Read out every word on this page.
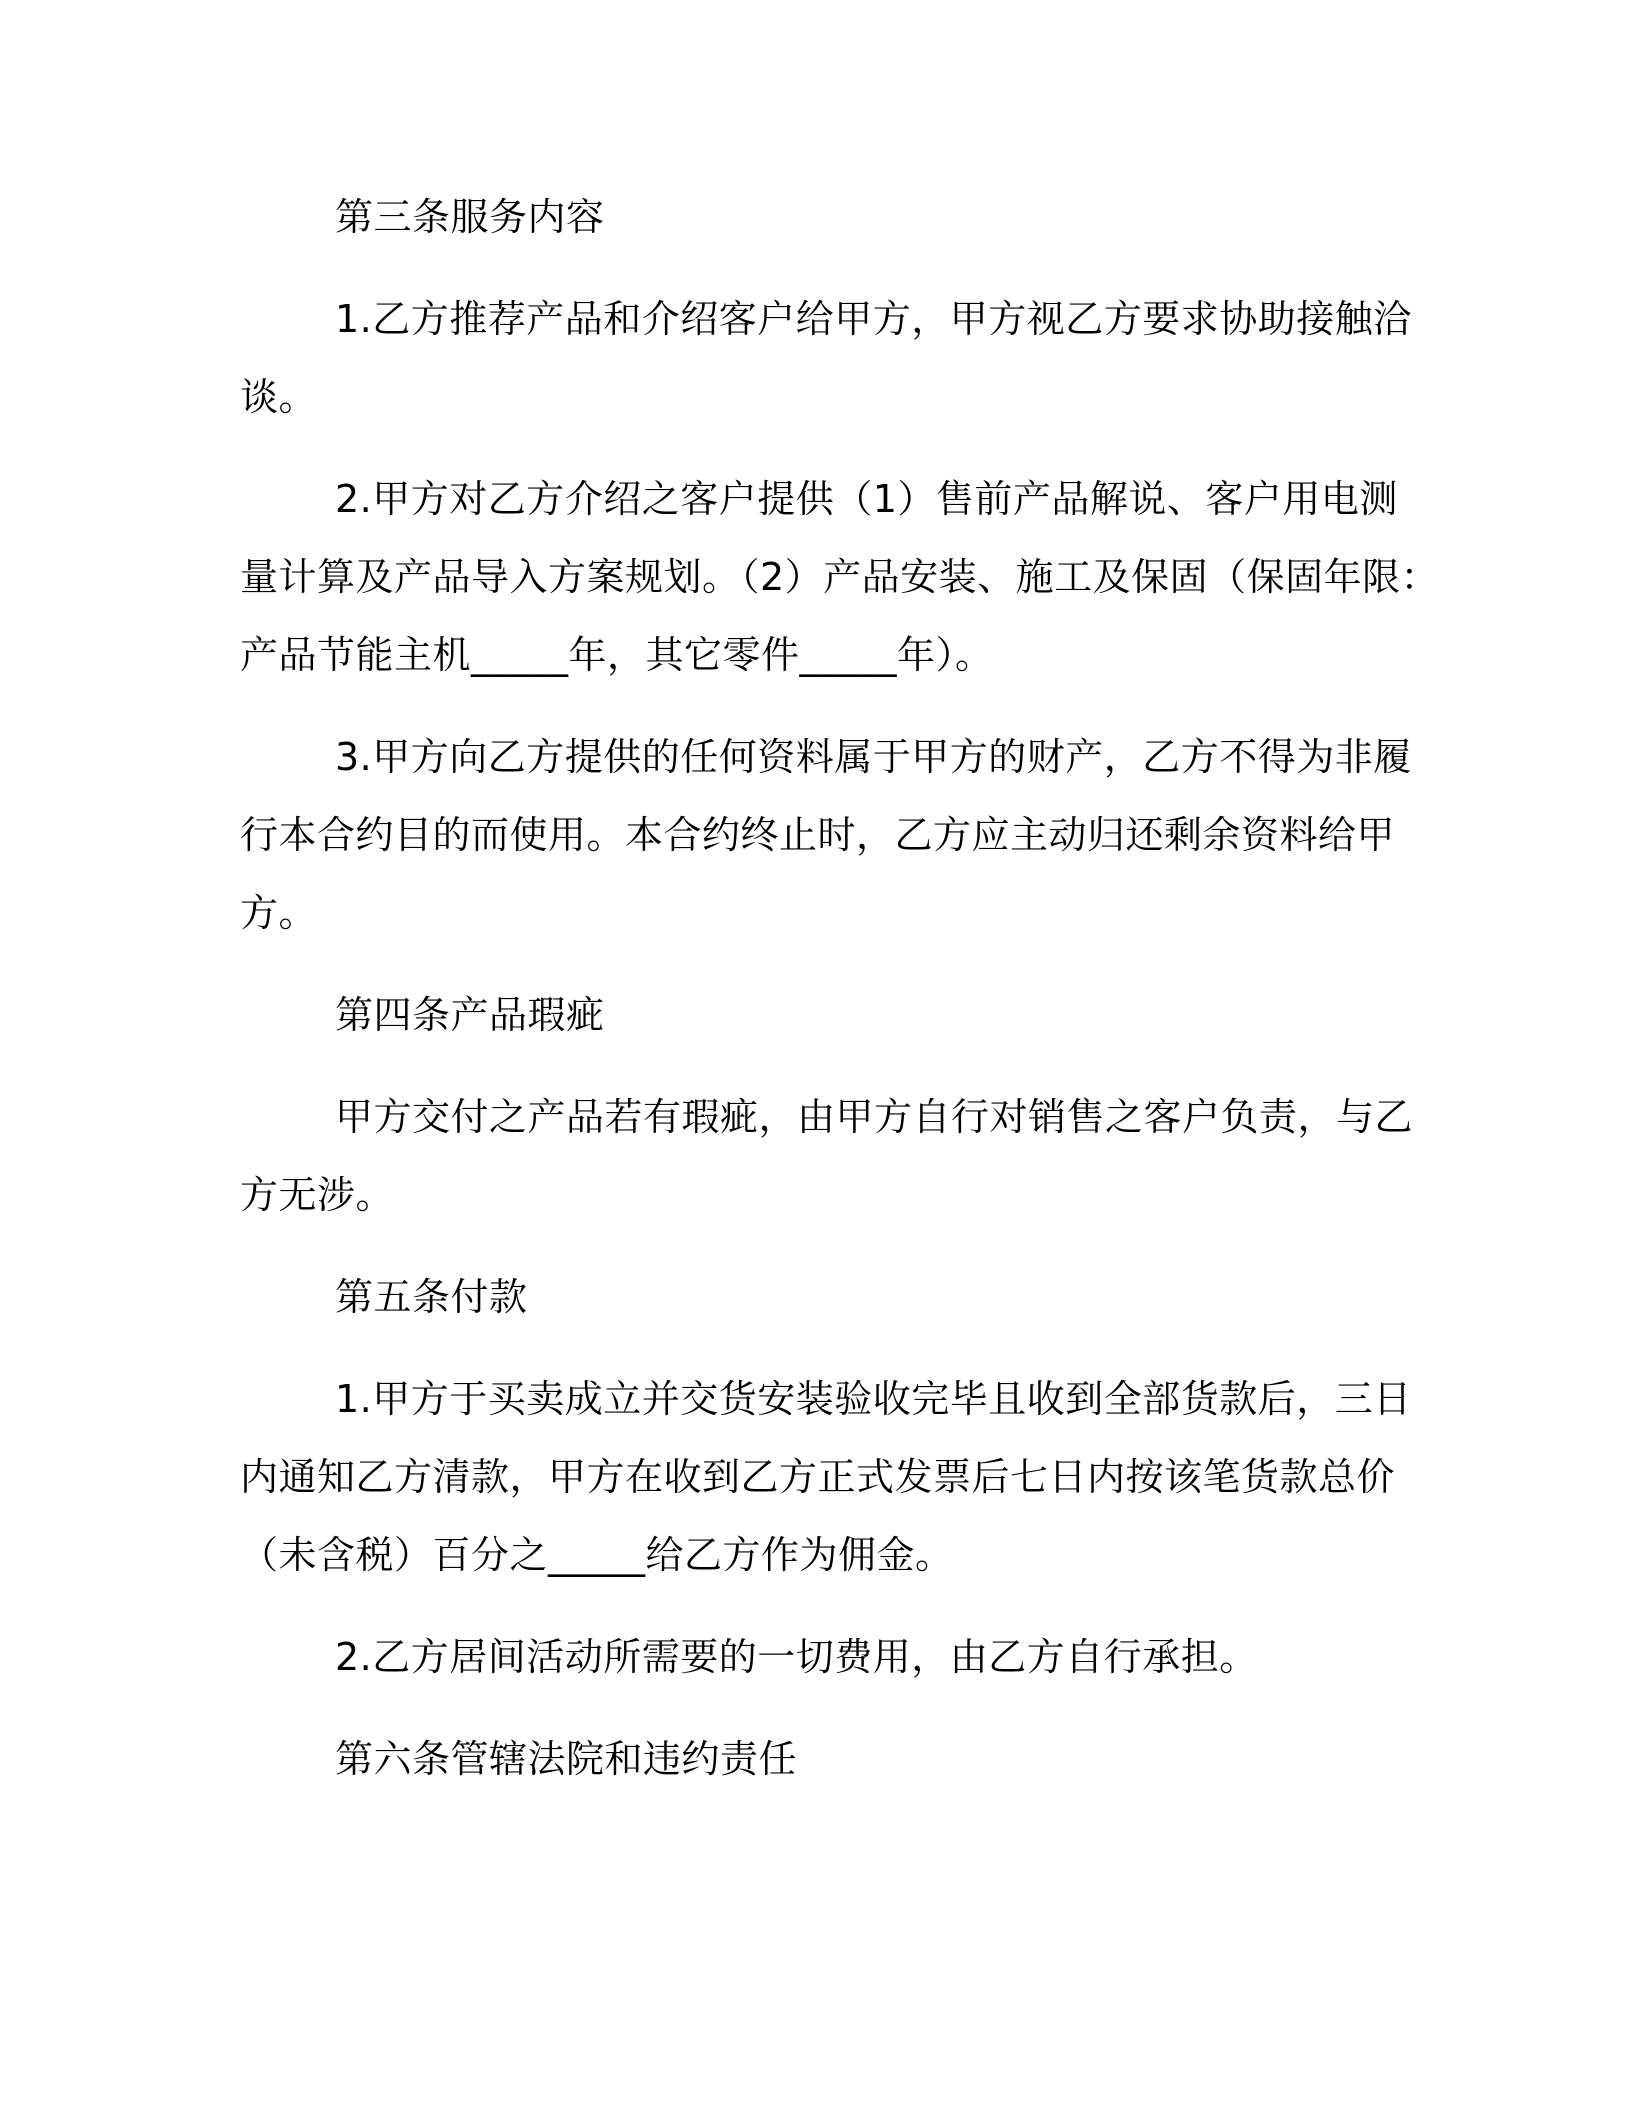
第三条服务内容
1.乙方推荐产品和介绍客户给甲方，甲方视乙方要求协助接触洽
谈。
2.甲方对乙方介绍之客户提供（1）售前产品解说、客户用电测
量计算及产品导入方案规划。（2）产品安装、施工及保固（保固年限：
产品节能主机_____年，其它零件_____年）。
3.甲方向乙方提供的任何资料属于甲方的财产，乙方不得为非履
行本合约目的而使用。本合约终止时，乙方应主动归还剩余资料给甲
方。
第四条产品瑕疵
甲方交付之产品若有瑕疵，由甲方自行对销售之客户负责，与乙
方无涉。
第五条付款
1.甲方于买卖成立并交货安装验收完毕且收到全部货款后，三日
内通知乙方清款，甲方在收到乙方正式发票后七日内按该笔货款总价
（未含税）百分之_____给乙方作为佣金。
2.乙方居间活动所需要的一切费用，由乙方自行承担。
第六条管辖法院和违约责任
